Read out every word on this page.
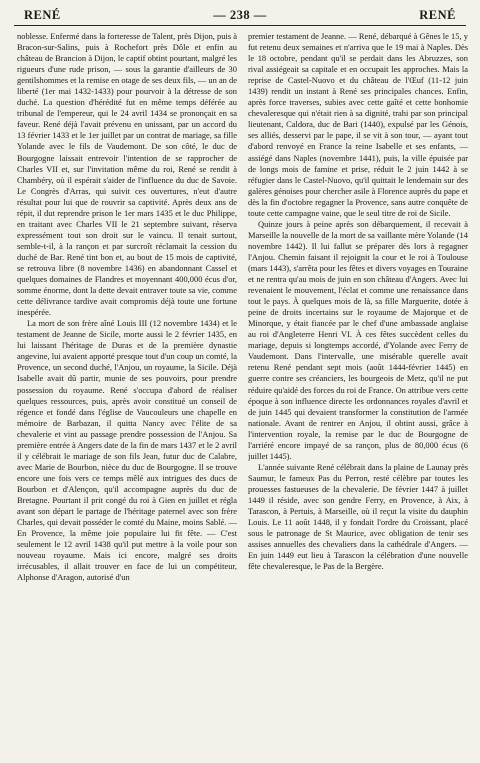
RENÉ	— 238 —	RENÉ

noblesse. Enfermé dans la forteresse de Talent, près Dijon, puis à Bracon-sur-Salins, puis à Rochefort près Dôle et enfin au château de Brancion à Dijon, le captif obtint pourtant, malgré les rigueurs d'une rude prison, — sous la garantie d'ailleurs de 30 gentilshommes et la remise en otage de ses deux fils, — un an de liberté (1er mai 1432-1433) pour pourvoir à la détresse de son duché. La question d'hérédité fut en même temps déférée au tribunal de l'empereur, qui le 24 avril 1434 se prononçait en sa faveur. René déjà l'avait prévenu en unissant, par un accord du 13 février 1433 et le 1er juillet par un contrat de mariage, sa fille Yolande avec le fils de Vaudemont. De son côté, le duc de Bourgogne laissait entrevoir l'intention de se rapprocher de Charles VII et, sur l'invitation même du roi, René se rendit à Chambéry, où il espérait s'aider de l'influence du duc de Savoie. Le Congrès d'Arras, qui suivit ces ouvertures, n'eut d'autre résultat pour lui que de rouvrir sa captivité. Après deux ans de répit, il dut reprendre prison le 1er mars 1435 et le duc Philippe, en traitant avec Charles VII le 21 septembre suivant, réserva expressément tout son droit sur le vaincu. Il tenait surtout, semble-t-il, à la rançon et par surcroît réclamait la cession du duché de Bar. René tint bon et, au bout de 15 mois de captivité, se retrouva libre (8 novembre 1436) en abandonnant Cassel et quelques domaines de Flandres et moyennant 400,000 écus d'or, somme énorme, dont la dette devait entraver toute sa vie, comme cette délivrance tardive avait compromis déjà toute une fortune inespérée.

La mort de son frère aîné Louis III (12 novembre 1434) et le testament de Jeanne de Sicile, morte aussi le 2 février 1435, en lui laissant l'héritage de Duras et de la première dynastie angevine, lui avaient apporté presque tout d'un coup un comté, la Provence, un second duché, l'Anjou, un royaume, la Sicile. Déjà Isabelle avait dû partir, munie de ses pouvoirs, pour prendre possession du royaume. René s'occupa d'abord de réaliser quelques ressources, puis, après avoir constitué un conseil de régence et fondé dans l'église de Vaucouleurs une chapelle en mémoire de Barbazan, il quitta Nancy avec l'élite de sa chevalerie et vint au passage prendre possession de l'Anjou. Sa première entrée à Angers date de la fin de mars 1437 et le 2 avril il y célébrait le mariage de son fils Jean, futur duc de Calabre, avec Marie de Bourbon, nièce du duc de Bourgogne. Il se trouve encore une fois vers ce temps mêlé aux intrigues des ducs de Bourbon et d'Alençon, qu'il accompagne auprès du duc de Bretagne. Pourtant il prit congé du roi à Gien en juillet et régla avant son départ le partage de l'héritage paternel avec son frère Charles, qui devait posséder le comté du Maine, moins Sablé. — En Provence, la même joie populaire lui fit fête. — C'est seulement le 12 avril 1438 qu'il put mettre à la voile pour son nouveau royaume. Mais ici encore, malgré ses droits irrécusables, il allait trouver en face de lui un compétiteur, Alphonse d'Aragon, autorisé d'un

premier testament de Jeanne. — René, débarqué à Gênes le 15, y fut retenu deux semaines et n'arriva que le 19 mai à Naples. Dès le 18 octobre, pendant qu'il se perdait dans les Abruzzes, son rival assiégeait sa capitale et en occupait les approches. Mais la reprise de Castel-Nuovo et du château de l'Œuf (11-12 juin 1439) rendit un instant à René ses principales chances. Enfin, après force traverses, subies avec cette gaîté et cette bonhomie chevaleresque qui n'était rien à sa dignité, trahi par son principal lieutenant, Caldora, duc de Bari (1440), expulsé par les Génois, ses alliés, desservi par le pape, il se vit à son tour, — ayant tout d'abord renvoyé en France la reine Isabelle et ses enfants, — assiégé dans Naples (novembre 1441), puis, la ville épuisée par de longs mois de famine et prise, réduit le 2 juin 1442 à se réfugier dans le Castel-Nuovo, qu'il quittait le lendemain sur des galères génoises pour chercher asile à Florence auprès du pape et dès la fin d'octobre regagner la Provence, sans autre conquête de toute cette campagne vaine, que le seul titre de roi de Sicile.

Quinze jours à peine après son débarquement, il recevait à Marseille la nouvelle de la mort de sa vaillante mère Yolande (14 novembre 1442). Il lui fallut se préparer dès lors à regagner l'Anjou. Chemin faisant il rejoignit la cour et le roi à Toulouse (mars 1443), s'arrêta pour les fêtes et divers voyages en Touraine et ne rentra qu'au mois de juin en son château d'Angers. Avec lui revenaient le mouvement, l'éclat et comme une renaissance dans tout le pays. À quelques mois de là, sa fille Marguerite, dotée à peine de droits incertains sur le royaume de Majorque et de Minorque, y était fiancée par le chef d'une ambassade anglaise au roi d'Angleterre Henri VI. À ces fêtes succèdent celles du mariage, depuis si longtemps accordé, d'Yolande avec Ferry de Vaudemont. Dans l'intervalle, une misérable querelle avait retenu René pendant sept mois (août 1444-février 1445) en guerre contre ses créanciers, les bourgeois de Metz, qu'il ne put réduire qu'aidé des forces du roi de France. On attribue vers cette époque à son influence directe les ordonnances royales d'avril et de juin 1445 qui devaient transformer la constitution de l'armée nationale. Avant de rentrer en Anjou, il obtint aussi, grâce à l'intervention royale, la remise par le duc de Bourgogne de l'arriéré encore impayé de sa rançon, plus de 80,000 écus (6 juillet 1445).

L'année suivante René célébrait dans la plaine de Launay près Saumur, le fameux Pas du Perron, resté célèbre par toutes les prouesses fastueuses de la chevalerie. De février 1447 à juillet 1449 il réside, avec son gendre Ferry, en Provence, à Aix, à Tarascon, à Pertuis, à Marseille, où il reçut la visite du dauphin Louis. Le 11 août 1448, il y fondait l'ordre du Croissant, placé sous le patronage de St Maurice, avec obligation de tenir ses assises annuelles des chevaliers dans la cathédrale d'Angers. — En juin 1449 eut lieu à Tarascon la célébration d'une nouvelle fête chevaleresque, le Pas de la Bergère.
